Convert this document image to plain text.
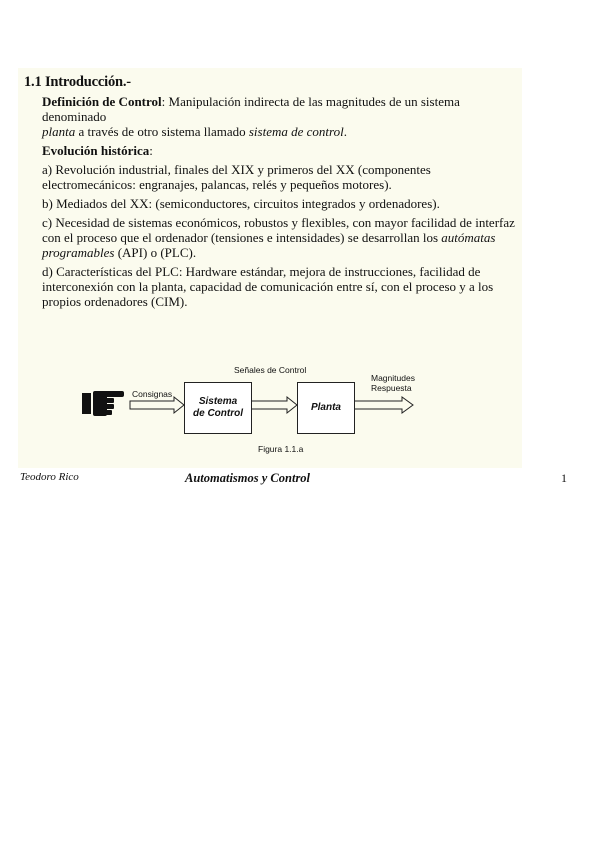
1.1 Introducción.-

Definición de Control: Manipulación indirecta de las magnitudes de un sistema denominado
planta a través de otro sistema llamado sistema de control.

Evolución histórica:

a) Revolución industrial, finales del XIX y primeros del XX (componentes electromecánicos: engranajes, palancas, relés y pequeños motores).

b) Mediados del XX: (semiconductores, circuitos integrados y ordenadores).

c) Necesidad de sistemas económicos, robustos y flexibles, con mayor facilidad de interfaz con el proceso que el ordenador (tensiones e intensidades) se desarrollan los autómatas programables (API) o (PLC).

d) Características del PLC: Hardware estándar, mejora de instrucciones, facilidad de interconexión con la planta, capacidad de comunicación entre sí, con el proceso y a los propios ordenadores (CIM).

Señales de Control
Consignas
Sistema
de Control
Planta
Magnitudes
Respuesta
Figura 1.1.a
Teodoro Rico	Automatismos y Control	1
